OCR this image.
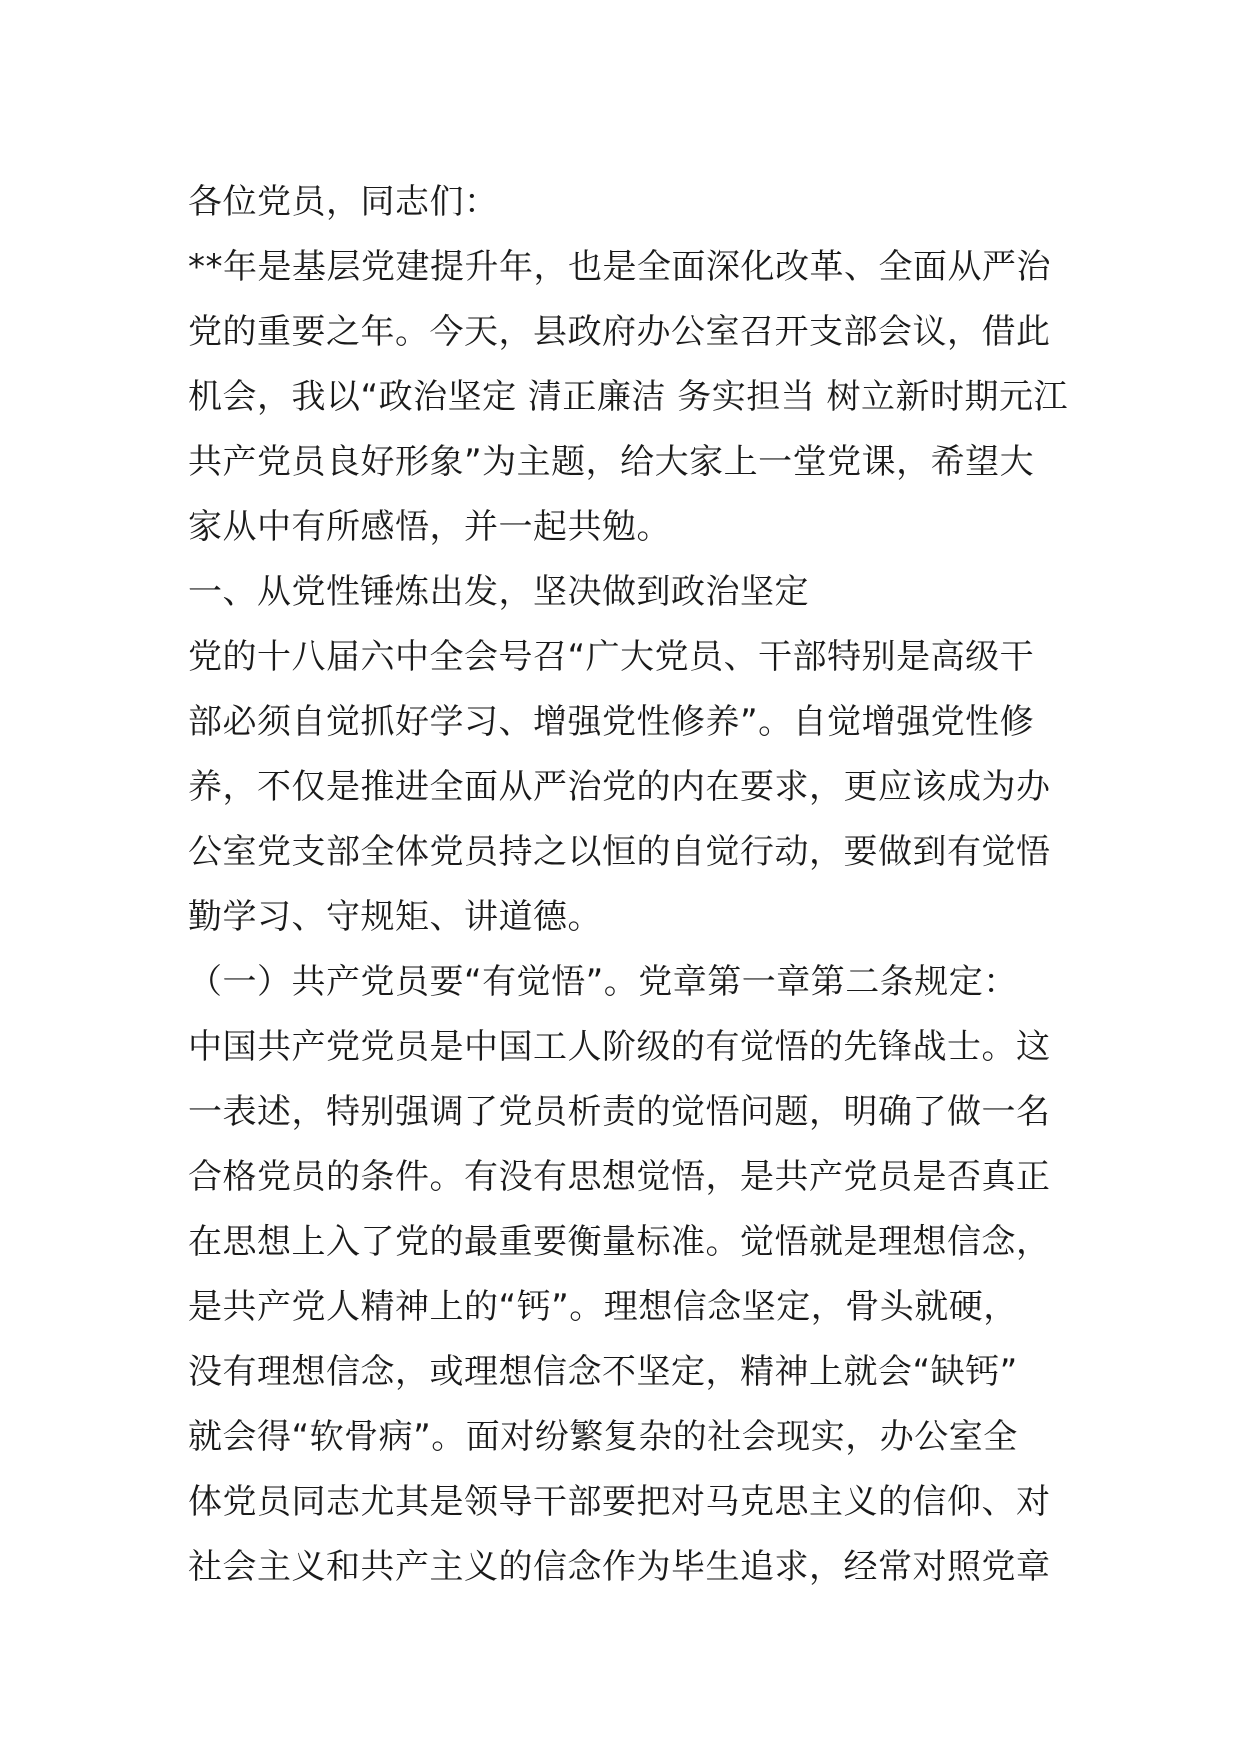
各位党员，同志们：
**年是基层党建提升年，也是全面深化改革、全面从严治
党的重要之年。今天，县政府办公室召开支部会议，借此
机会，我以“政治坚定 清正廉洁 务实担当 树立新时期元江
共产党员良好形象”为主题，给大家上一堂党课，希望大
家从中有所感悟，并一起共勉。
一、从党性锤炼出发，坚决做到政治坚定
党的十八届六中全会号召“广大党员、干部特别是高级干
部必须自觉抓好学习、增强党性修养”。自觉增强党性修
养，不仅是推进全面从严治党的内在要求，更应该成为办
公室党支部全体党员持之以恒的自觉行动，要做到有觉悟
勤学习、守规矩、讲道德。
（一）共产党员要“有觉悟”。党章第一章第二条规定：
中国共产党党员是中国工人阶级的有觉悟的先锋战士。这
一表述，特别强调了党员析责的觉悟问题，明确了做一名
合格党员的条件。有没有思想觉悟，是共产党员是否真正
在思想上入了党的最重要衡量标准。觉悟就是理想信念，
是共产党人精神上的“钙”。理想信念坚定，骨头就硬，
没有理想信念，或理想信念不坚定，精神上就会“缺钙”
就会得“软骨病”。面对纷繁复杂的社会现实，办公室全
体党员同志尤其是领导干部要把对马克思主义的信仰、对
社会主义和共产主义的信念作为毕生追求，经常对照党章
